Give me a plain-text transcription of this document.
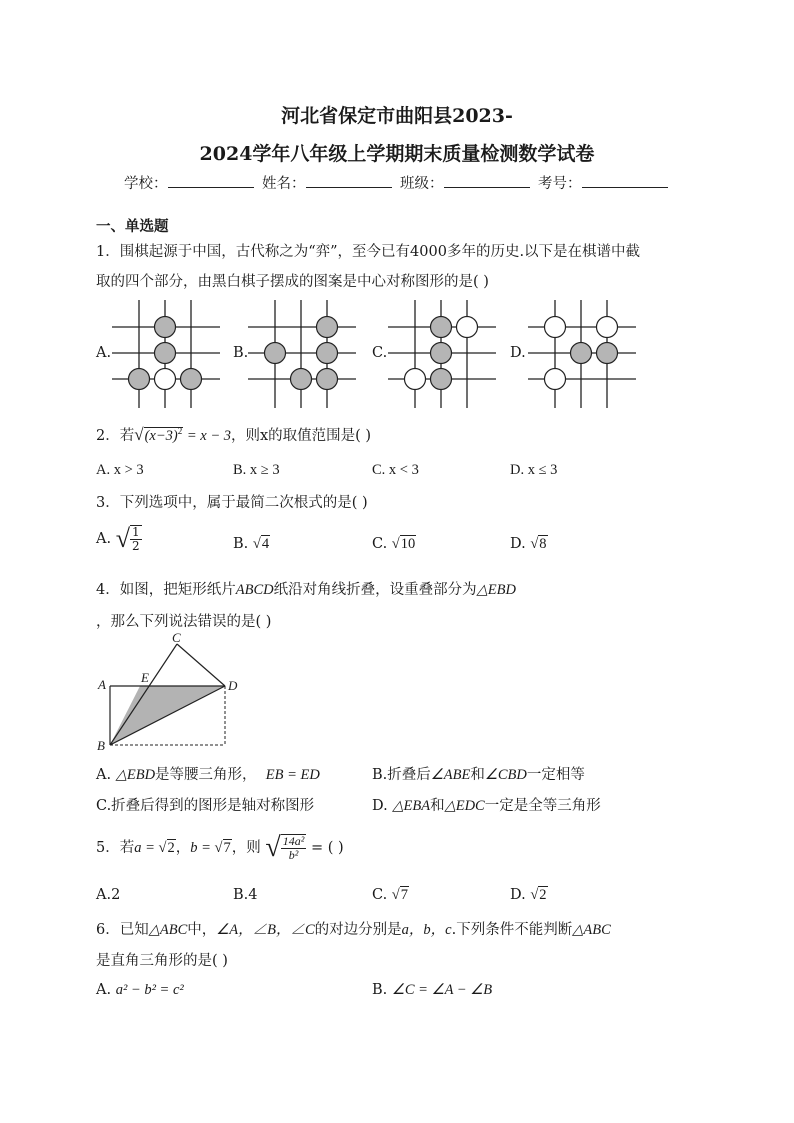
河北省保定市曲阳县2023-
2024学年八年级上学期期末质量检测数学试卷
学校：	姓名：	班级：	考号：
一、单选题
1．围棋起源于中国，古代称之为“弈”，至今已有4000多年的历史.以下是在棋谱中截
取的四个部分，由黑白棋子摆成的图案是中心对称图形的是( )
A.	B.	C.	D.
2．若$√(x-3)^2 = x - 3$，则x的取值范围是( )
A. x > 3	B. x ≥ 3	C. x < 3	D. x ≤ 3
3．下列选项中，属于最简二次根式的是( )
A. √ $\frac{1}{2}$	B. √4	C. √10	D. √8
4．如图，把矩形纸片ABCD纸沿对角线折叠，设重叠部分为△EBD
，那么下列说法错误的是( )
A
B
C
D
E
A. △EBD是等腰三角形， EB = ED	B.折叠后∠ABE和∠CBD一定相等
C.折叠后得到的图形是轴对称图形	D. △EBA和△EDC一定是全等三角形
5．若a = √2，b = √7，则 √ $\frac{\text{14a²}}{\text{b²}}$ = ( )
A.2	B.4	C. √7	D. √2
6．已知△ABC中，∠A，∠B，∠C的对边分别是a，b，c.下列条件不能判断△ABC
是直角三角形的是( )
A. a² − b² = c²	B. ∠C = ∠A − ∠B
